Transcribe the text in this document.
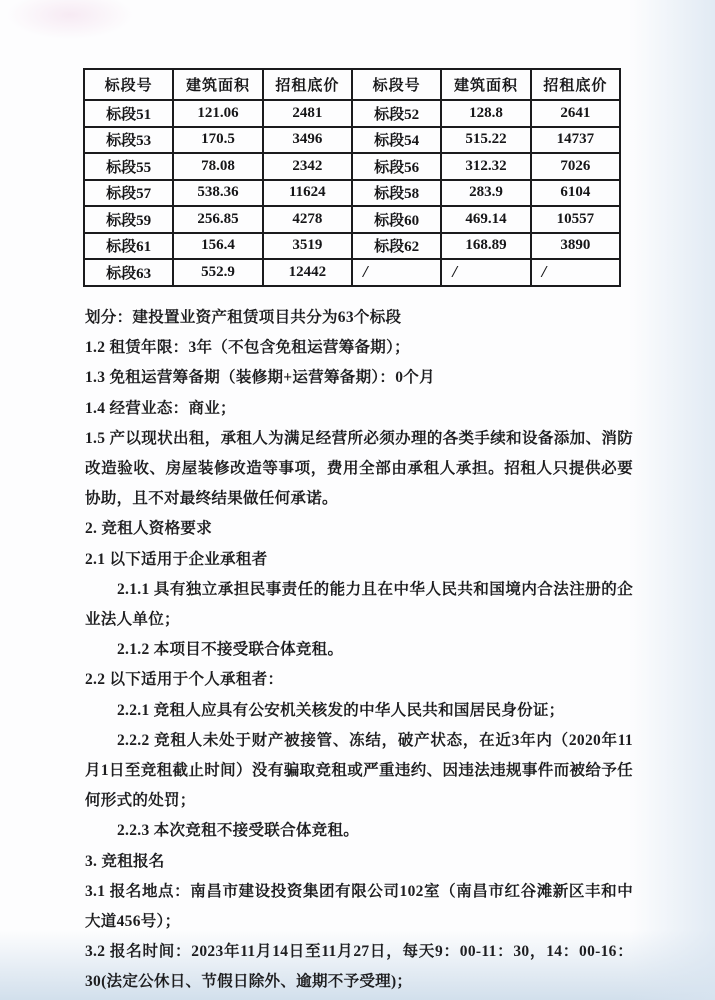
标段号	建筑面积	招租底价	标段号	建筑面积	招租底价
标段51	121.06	2481	标段52	128.8	2641
标段53	170.5	3496	标段54	515.22	14737
标段55	78.08	2342	标段56	312.32	7026
标段57	538.36	11624	标段58	283.9	6104
标段59	256.85	4278	标段60	469.14	10557
标段61	156.4	3519	标段62	168.89	3890
标段63	552.9	12442	/	/	/

划分：建投置业资产租赁项目共分为63个标段

1.2 租赁年限：3年（不包含免租运营筹备期）；

1.3 免租运营筹备期（装修期+运营筹备期）：0个月

1.4 经营业态：商业；

1.5 产以现状出租，承租人为满足经营所必须办理的各类手续和设备添加、消防改造验收、房屋装修改造等事项，费用全部由承租人承担。招租人只提供必要协助，且不对最终结果做任何承诺。

2. 竞租人资格要求

2.1 以下适用于企业承租者

2.1.1 具有独立承担民事责任的能力且在中华人民共和国境内合法注册的企业法人单位；

2.1.2 本项目不接受联合体竞租。

2.2 以下适用于个人承租者：

2.2.1 竞租人应具有公安机关核发的中华人民共和国居民身份证；

2.2.2 竞租人未处于财产被接管、冻结，破产状态，在近3年内（2020年11月1日至竞租截止时间）没有骗取竞租或严重违约、因违法违规事件而被给予任何形式的处罚；

2.2.3 本次竞租不接受联合体竞租。

3. 竞租报名

3.1 报名地点：南昌市建设投资集团有限公司102室（南昌市红谷滩新区丰和中大道456号）；

3.2 报名时间：2023年11月14日至11月27日，每天9：00-11：30，14：00-16：30(法定公休日、节假日除外、逾期不予受理)；
